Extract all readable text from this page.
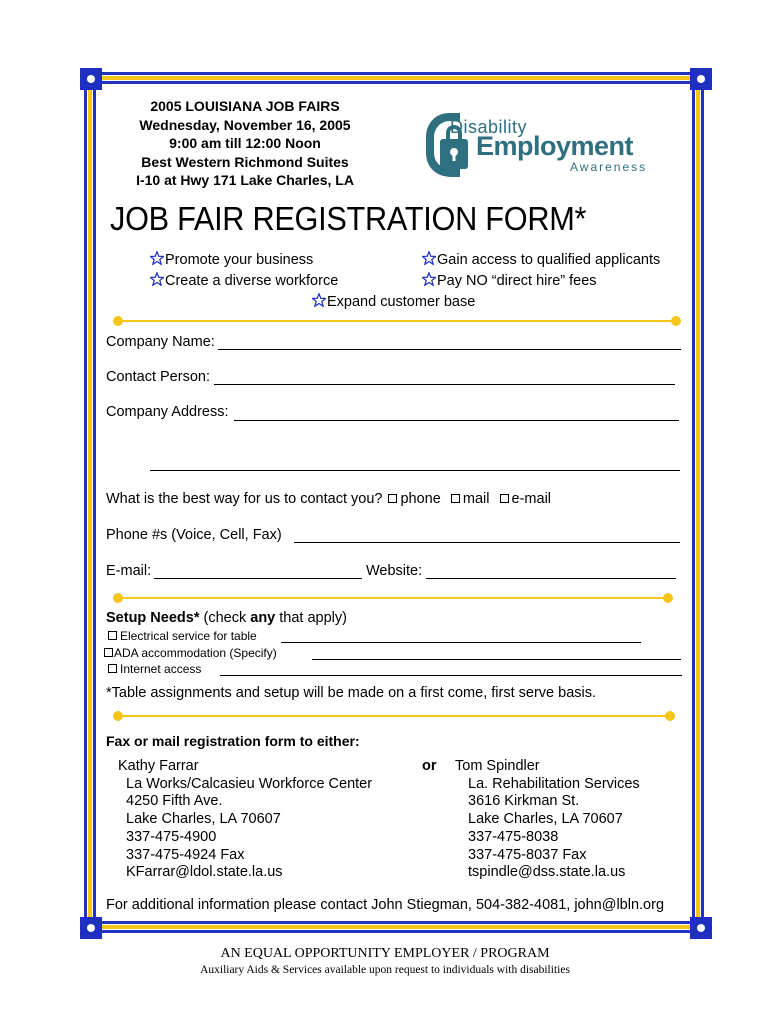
2005 LOUISIANA JOB FAIRS
Wednesday, November 16, 2005
9:00 am till 12:00 Noon
Best Western Richmond Suites
I-10 at Hwy 171 Lake Charles, LA
Disability
Employment
Awareness
JOB FAIR REGISTRATION FORM*
Promote your business	Gain access to qualified applicants
Create a diverse workforce	Pay NO “direct hire” fees
Expand customer base
Company Name:
Contact Person:
Company Address:
What is the best way for us to contact you? phone mail e-mail
Phone #s (Voice, Cell, Fax)
E-mail:	Website:
Setup Needs* (check any that apply)
Electrical service for table
ADA accommodation (Specify)
Internet access
*Table assignments and setup will be made on a first come, first serve basis.
Fax or mail registration form to either:
Kathy Farrar
La Works/Calcasieu Workforce Center
4250 Fifth Ave.
Lake Charles, LA 70607
337-475-4900
337-475-4924 Fax
KFarrar@ldol.state.la.us
or Tom Spindler
La. Rehabilitation Services
3616 Kirkman St.
Lake Charles, LA 70607
337-475-8038
337-475-8037 Fax
tspindle@dss.state.la.us
For additional information please contact John Stiegman, 504-382-4081, john@lbln.org
AN EQUAL OPPORTUNITY EMPLOYER / PROGRAM
Auxiliary Aids & Services available upon request to individuals with disabilities
